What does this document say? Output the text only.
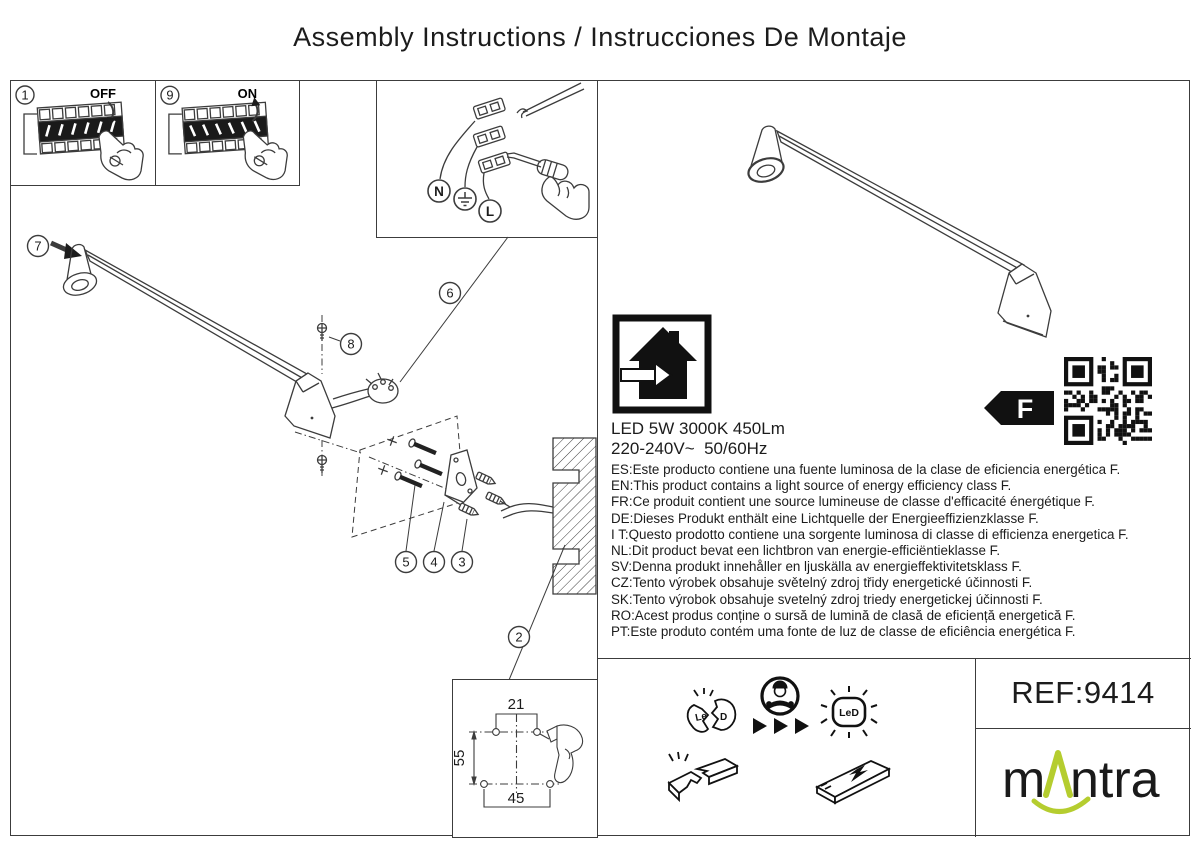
Assembly Instructions / Instrucciones De Montaje
1	OFF	9	ON
N
L
7
8
6
5 4 3
2
LED 5W 3000K 450Lm
220-240V~  50/60Hz
ES:Este producto contiene una fuente luminosa de la clase de eficiencia energética F.
EN:This product contains a light source of energy efficiency class F.
FR:Ce produit contient une source lumineuse de classe d'efficacité énergétique F.
DE:Dieses Produkt enthält eine Lichtquelle der Energieeffizienzklasse F.
I T:Questo prodotto contiene una sorgente luminosa di classe di efficienza energetica F.
NL:Dit product bevat een lichtbron van energie-efficiëntieklasse F.
SV:Denna produkt innehåller en ljuskälla av energieffektivitetsklass F.
CZ:Tento výrobek obsahuje světelný zdroj třidy energetické účinnosti F.
SK:Tento výrobok obsahuje svetelný zdroj triedy energetickej účinnosti F.
RO:Acest produs conține o sursă de lumină de clasă de eficiență energetică F.
PT:Este produto contém uma fonte de luz de classe de eficiência energética F.
F
Le D	LeD
21
55
45
REF:9414
m ntra
